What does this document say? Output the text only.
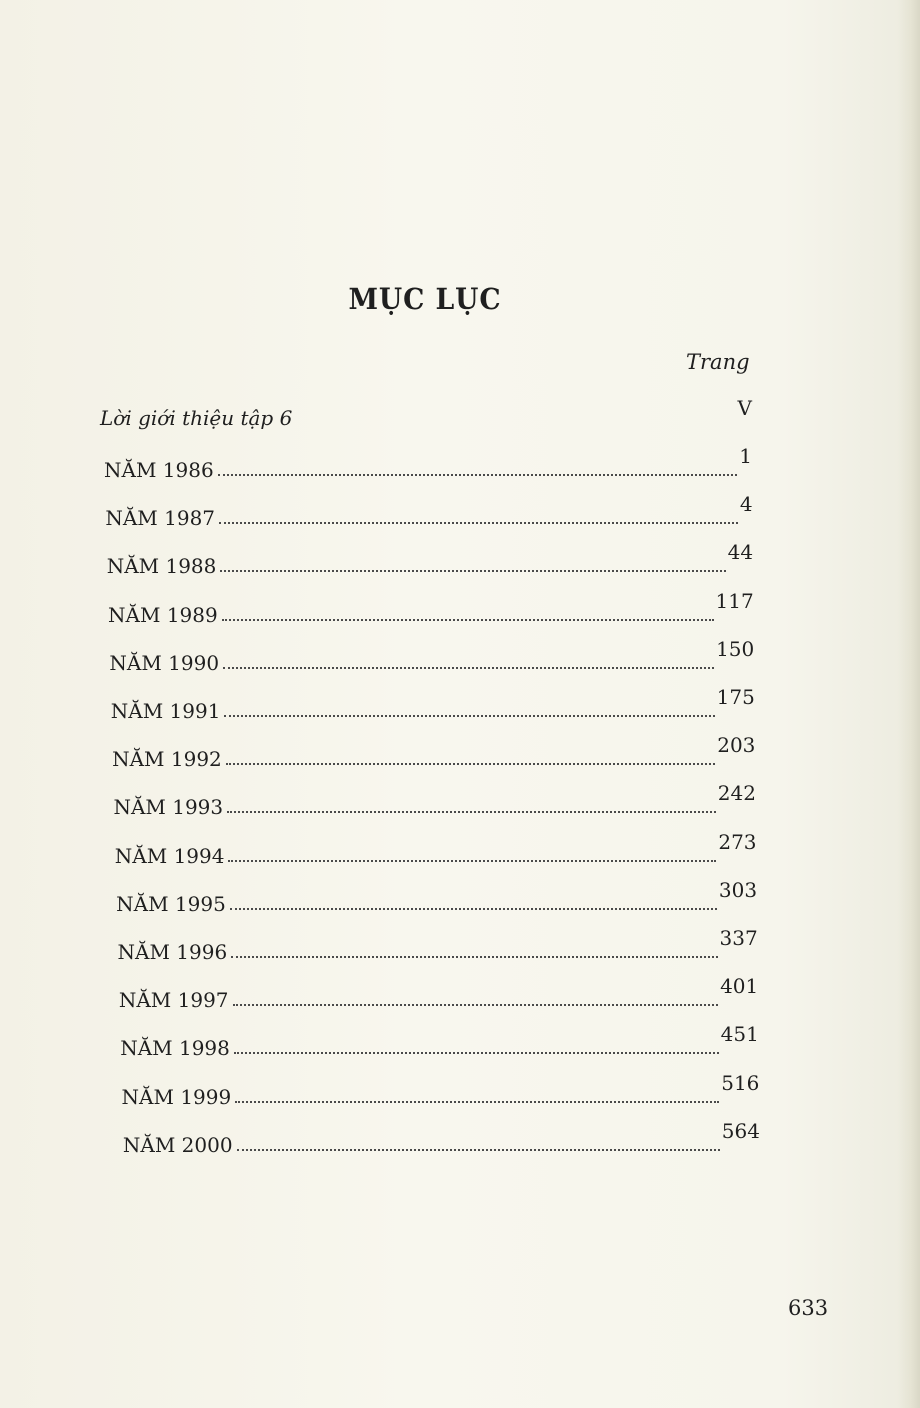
MỤC LỤC
Trang
Lời giới thiệu tập 6	V
NĂM 1986
1
NĂM 1987
4
NĂM 1988
44
NĂM 1989
117
NĂM 1990
150
NĂM 1991
175
NĂM 1992
203
NĂM 1993
242
NĂM 1994
273
NĂM 1995
303
NĂM 1996
337
NĂM 1997
401
NĂM 1998
451
NĂM 1999
516
NĂM 2000
564
633
